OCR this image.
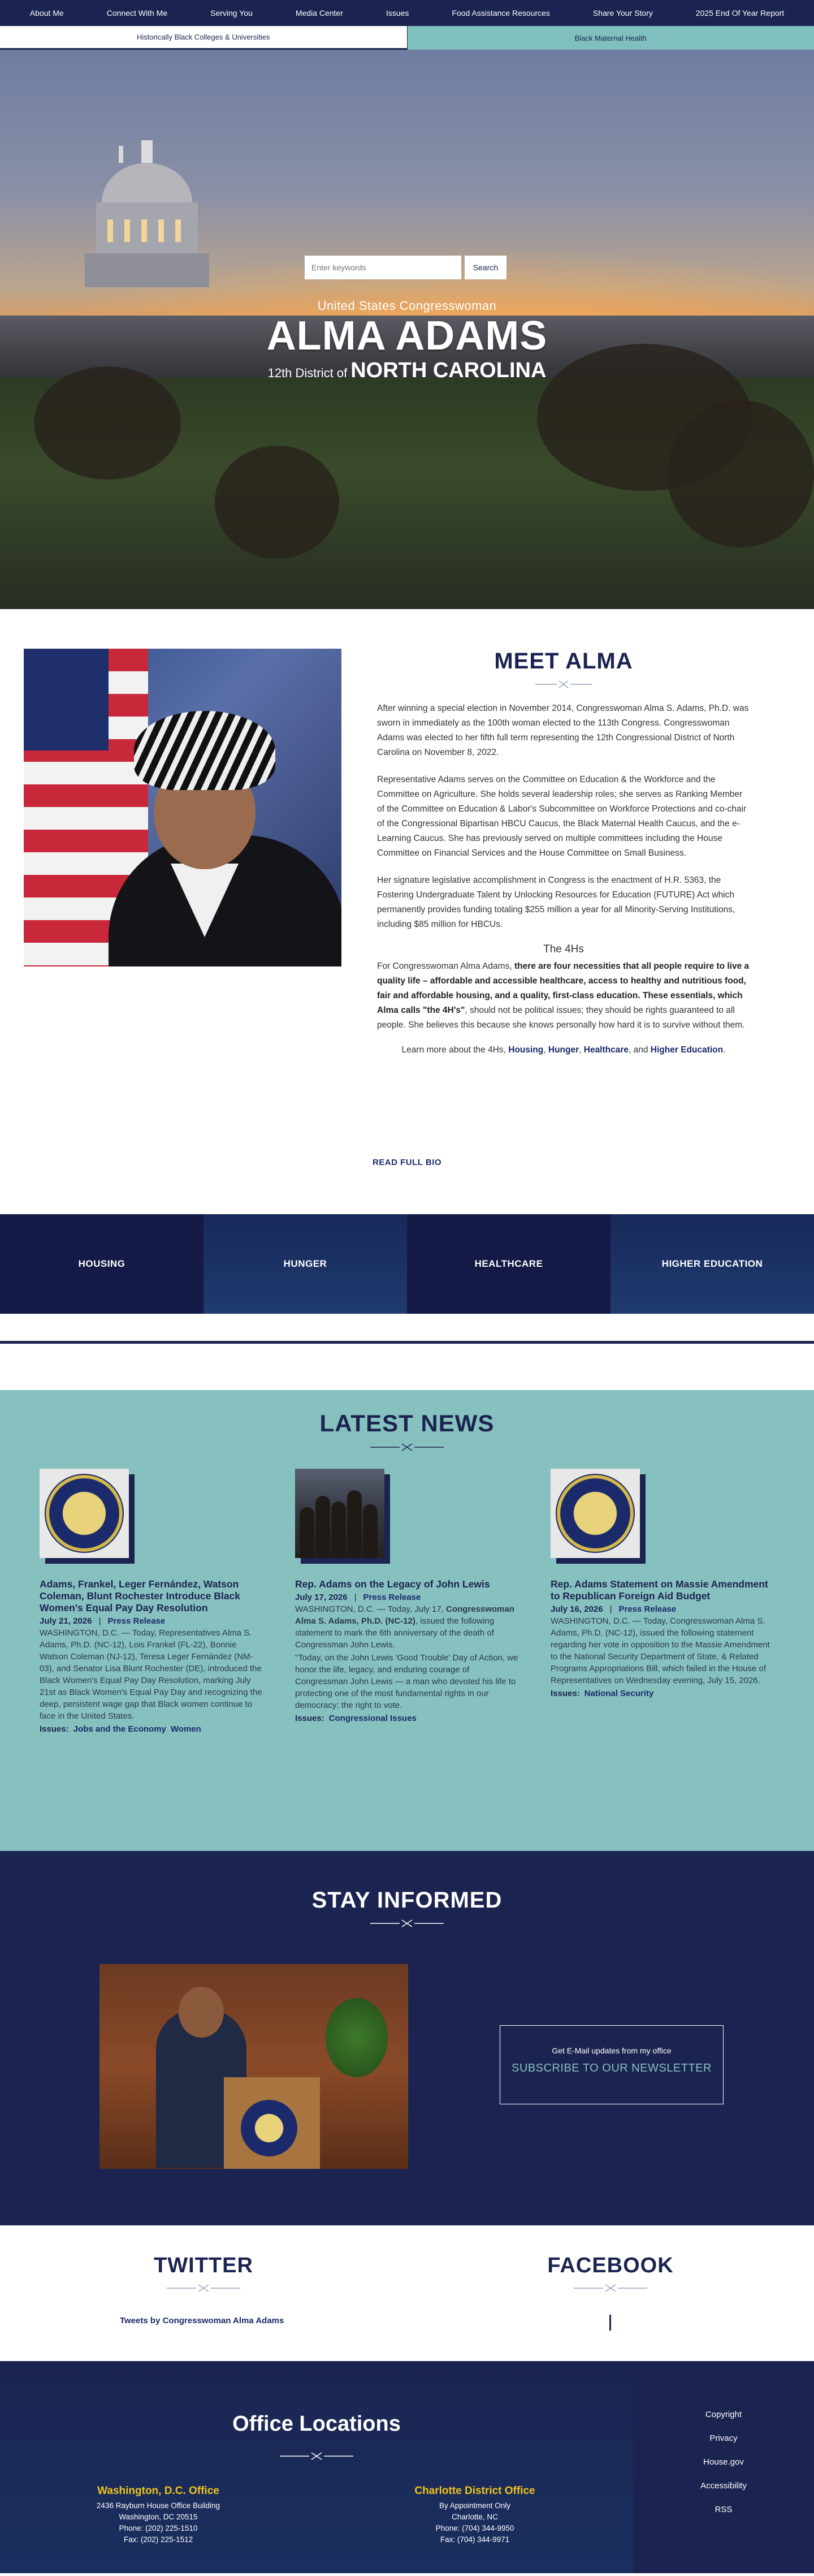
About Me	Connect With Me	Serving You	Media Center	Issues	Food Assistance Resources	Share Your Story	2025 End Of Year Report
Historically Black Colleges & Universities	Black Maternal Health
Enter keywords
Search
United States Congresswoman
ALMA ADAMS
12th District of NORTH CAROLINA
MEET ALMA

After winning a special election in November 2014, Congresswoman Alma S. Adams, Ph.D. was sworn in immediately as the 100th woman elected to the 113th Congress. Congresswoman Adams was elected to her fifth full term representing the 12th Congressional District of North Carolina on November 8, 2022.

Representative Adams serves on the Committee on Education & the Workforce and the Committee on Agriculture. She holds several leadership roles; she serves as Ranking Member of the Committee on Education & Labor's Subcommittee on Workforce Protections and co-chair of the Congressional Bipartisan HBCU Caucus, the Black Maternal Health Caucus, and the e-Learning Caucus. She has previously served on multiple committees including the House Committee on Financial Services and the House Committee on Small Business.

Her signature legislative accomplishment in Congress is the enactment of H.R. 5363, the Fostering Undergraduate Talent by Unlocking Resources for Education (FUTURE) Act which permanently provides funding totaling $255 million a year for all Minority-Serving Institutions, including $85 million for HBCUs.

The 4Hs

For Congresswoman Alma Adams, there are four necessities that all people require to live a quality life – affordable and accessible healthcare, access to healthy and nutritious food, fair and affordable housing, and a quality, first-class education. These essentials, which Alma calls "the 4H's", should not be political issues; they should be rights guaranteed to all people. She believes this because she knows personally how hard it is to survive without them.

Learn more about the 4Hs, Housing, Hunger, Healthcare, and Higher Education.

READ FULL BIO
HOUSING	HUNGER	HEALTHCARE	HIGHER EDUCATION
LATEST NEWS
Adams, Frankel, Leger Fernández, Watson Coleman, Blunt Rochester Introduce Black Women's Equal Pay Day Resolution
July 21, 2026 | Press Release

WASHINGTON, D.C. — Today, Representatives Alma S. Adams, Ph.D. (NC-12), Lois Frankel (FL-22), Bonnie Watson Coleman (NJ-12), Teresa Leger Fernández (NM-03), and Senator Lisa Blunt Rochester (DE), introduced the Black Women's Equal Pay Day Resolution, marking July 21st as Black Women's Equal Pay Day and recognizing the deep, persistent wage gap that Black women continue to face in the United States.

Issues: Jobs and the Economy Women
Rep. Adams on the Legacy of John Lewis
July 17, 2026 | Press Release

WASHINGTON, D.C. — Today, July 17, Congresswoman Alma S. Adams, Ph.D. (NC-12), issued the following statement to mark the 6th anniversary of the death of Congressman John Lewis.

"Today, on the John Lewis 'Good Trouble' Day of Action, we honor the life, legacy, and enduring courage of Congressman John Lewis — a man who devoted his life to protecting one of the most fundamental rights in our democracy: the right to vote.

Issues: Congressional Issues
Rep. Adams Statement on Massie Amendment to Republican Foreign Aid Budget
July 16, 2026 | Press Release

WASHINGTON, D.C. — Today, Congresswoman Alma S. Adams, Ph.D. (NC-12), issued the following statement regarding her vote in opposition to the Massie Amendment to the National Security Department of State, & Related Programs Appropriations Bill, which failed in the House of Representatives on Wednesday evening, July 15, 2026.

Issues: National Security
STAY INFORMED
Get E-Mail updates from my office
SUBSCRIBE TO OUR NEWSLETTER
TWITTER
Tweets by Congresswoman Alma Adams
FACEBOOK
Office Locations
Washington, D.C. Office
2436 Rayburn House Office Building
Washington, DC 20515
Phone: (202) 225-1510
Fax: (202) 225-1512
Charlotte District Office
By Appointment Only
Charlotte, NC
Phone: (704) 344-9950
Fax: (704) 344-9971
Copyright
Privacy
House.gov
Accessibility
RSS
